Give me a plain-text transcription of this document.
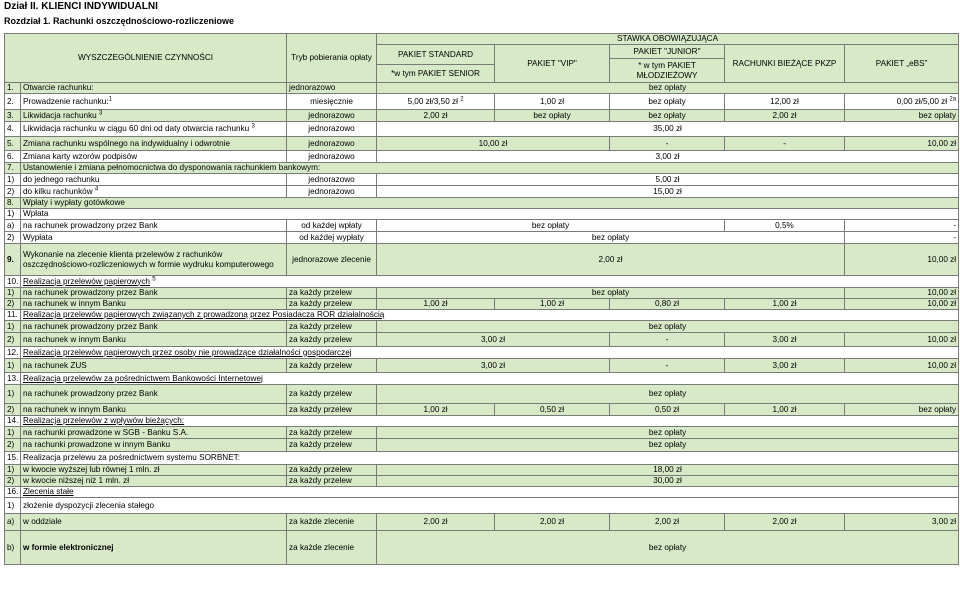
Dział II. KLIENCI INDYWIDUALNI
Rozdział 1. Rachunki oszczędnościowo-rozliczeniowe
WYSZCZEGÓLNIENIE CZYNNOŚCI		Tryb pobierania opłaty	STAWKA OBOWIĄZUJĄCA				
			PAKIET STANDARD	PAKIET "VIP"	PAKIET "JUNIOR"	RACHUNKI BIEŻĄCE PKZP	PAKIET „eBS”
					* w tym PAKIET MŁODZIEŻOWY		
			*w tym PAKIET SENIOR				
1.	Otwarcie rachunku:	jednorazowo	bez opłaty				
2.	Prowadzenie rachunku:$^1$	miesięcznie	5,00 zł/3,50 zł $^2$	1,00 zł	bez opłaty	12,00 zł	0,00 zł/5,00 zł $^{2a}$
3.	Likwidacja rachunku $^3$	jednorazowo	2,00 zł	bez opłaty	bez opłaty	2,00 zł	bez opłaty
4.	Likwidacja rachunku w ciągu 60 dni od daty otwarcia rachunku $^3$	jednorazowo	35,00 zł				
5.	Zmiana rachunku wspólnego na indywidualny i odwrotnie	jednorazowo	10,00 zł		-	-	10,00 zł
6.	Zmiana karty wzorów podpisów	jednorazowo	3,00 zł				
7.	Ustanowienie i zmiana pełnomocnictwa do dysponowania rachunkiem bankowym:						
1)	do jednego rachunku	jednorazowo	5,00 zł				
2)	do kilku rachunków $^4$	jednorazowo	15,00 zł				
8.	Wpłaty i wypłaty gotówkowe						
1)	Wpłata						
a)	na rachunek prowadzony przez Bank	od każdej wpłaty	bez opłaty			0,5%	-
2)	Wypłata	od każdej wypłaty	bez opłaty				-
9.	Wykonanie na zlecenie klienta przelewów z rachunków oszczędnościowo-rozliczeniowych w formie wydruku komputerowego	jednorazowe zlecenie	2,00 zł				10,00 zł
10.	Realizacja przelewów papierowych $^5$
1)	na rachunek prowadzony przez Bank	za każdy przelew	bez opłaty				10,00 zł
2)	na rachunek w innym Banku	za każdy przelew	1,00 zł	1,00 zł	0,80 zł	1,00 zł	10,00 zł
11.	Realizacja przelewów papierowych związanych z prowadzoną przez Posiadacza ROR działalnością						
1)	na rachunek prowadzony przez Bank	za każdy przelew	bez opłaty				
2)	na rachunek w innym Banku	za każdy przelew	3,00 zł		-	3,00 zł	10,00 zł
12.	Realizacja przelewów papierowych przez osoby nie prowadzące działalności gospodarczej						
1)	na rachunek ZUS	za każdy przelew	3,00 zł		-	3,00 zł	10,00 zł
13.	Realizacja przelewów za pośrednictwem Bankowości Internetowej						
1)	na rachunek prowadzony przez Bank	za każdy przelew	bez opłaty				
2)	na rachunek w innym Banku	za każdy przelew	1,00 zł	0,50 zł	0,50 zł	1,00 zł	bez opłaty
14.	Realizacja przelewów z wpływów bieżących:						
1)	na rachunki prowadzone w SGB - Banku S.A.	za każdy przelew	bez opłaty				
2)	na rachunki prowadzone w innym Banku	za każdy przelew	bez opłaty				
15.	Realizacja przelewu za pośrednictwem systemu SORBNET:						
1)	w kwocie wyższej lub równej 1 mln. zł	za każdy przelew	18,00 zł				
2)	w kwocie niższej niż 1 mln. zł	za każdy przelew	30,00 zł				
16.	Zlecenia stałe						
1)	złożenie dyspozycji zlecenia stałego						
a)	w oddziale	za każde zlecenie	2,00 zł	2,00 zł	2,00 zł	2,00 zł	3,00 zł
b)	w formie elektronicznej	za każde zlecenie	bez opłaty				
